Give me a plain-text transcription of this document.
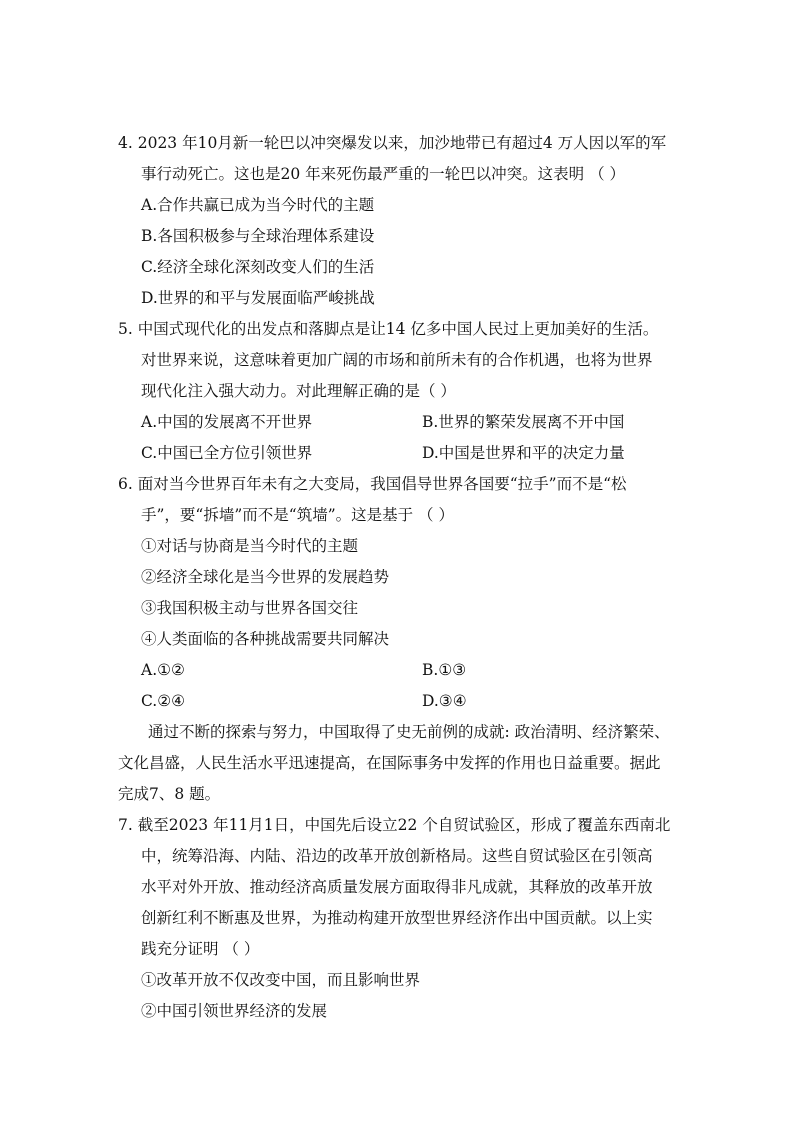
4. 2023 年10月新一轮巴以冲突爆发以来，加沙地带已有超过4 万人因以军的军
事行动死亡。这也是20 年来死伤最严重的一轮巴以冲突。这表明 （ ）
A.合作共赢已成为当今时代的主题
B.各国积极参与全球治理体系建设
C.经济全球化深刻改变人们的生活
D.世界的和平与发展面临严峻挑战
5. 中国式现代化的出发点和落脚点是让14 亿多中国人民过上更加美好的生活。
对世界来说，这意味着更加广阔的市场和前所未有的合作机遇，也将为世界
现代化注入强大动力。对此理解正确的是（ ）
A.中国的发展离不开世界	B.世界的繁荣发展离不开中国
C.中国已全方位引领世界	D.中国是世界和平的决定力量
6. 面对当今世界百年未有之大变局，我国倡导世界各国要“拉手”而不是“松
手”，要“拆墙”而不是“筑墙”。这是基于 （ ）
①对话与协商是当今时代的主题
②经济全球化是当今世界的发展趋势
③我国积极主动与世界各国交往
④人类面临的各种挑战需要共同解决
A.①②	B.①③
C.②④	D.③④
通过不断的探索与努力，中国取得了史无前例的成就: 政治清明、经济繁荣、
文化昌盛，人民生活水平迅速提高，在国际事务中发挥的作用也日益重要。据此
完成7、8 题。
7. 截至2023 年11月1日，中国先后设立22 个自贸试验区，形成了覆盖东西南北
中，统筹沿海、内陆、沿边的改革开放创新格局。这些自贸试验区在引领高
水平对外开放、推动经济高质量发展方面取得非凡成就，其释放的改革开放
创新红利不断惠及世界，为推动构建开放型世界经济作出中国贡献。以上实
践充分证明 （ ）
①改革开放不仅改变中国，而且影响世界
②中国引领世界经济的发展
